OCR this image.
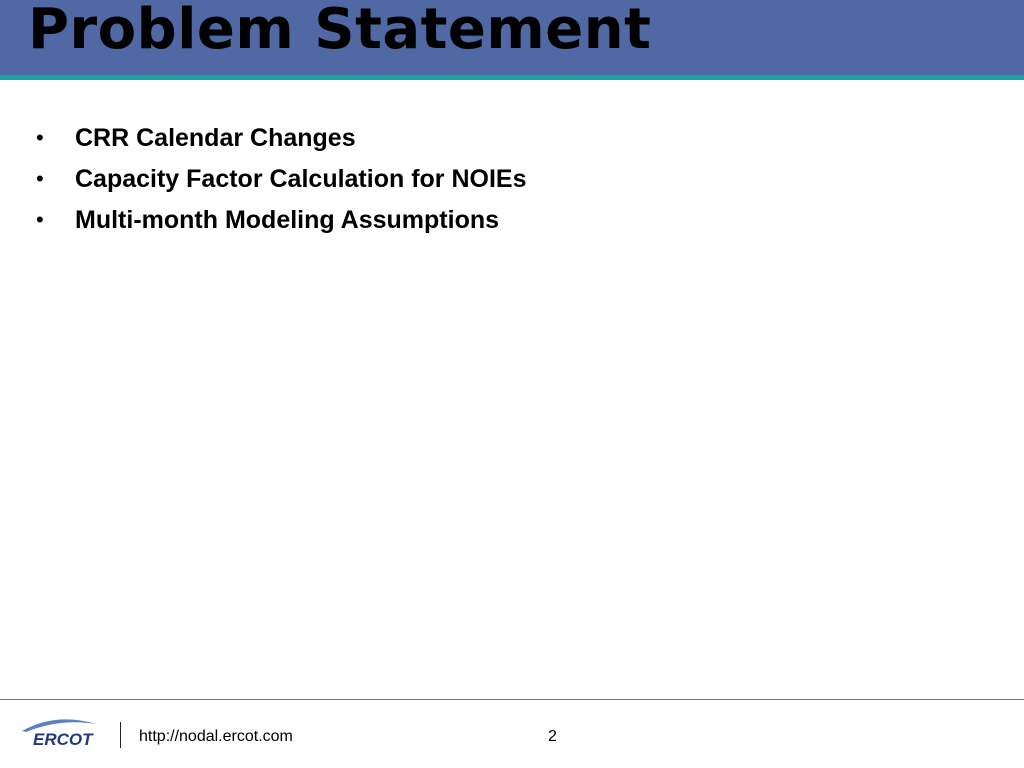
Problem Statement
• CRR Calendar Changes
• Capacity Factor Calculation for NOIEs
• Multi-month Modeling Assumptions
ERCOT	http://nodal.ercot.com	2
